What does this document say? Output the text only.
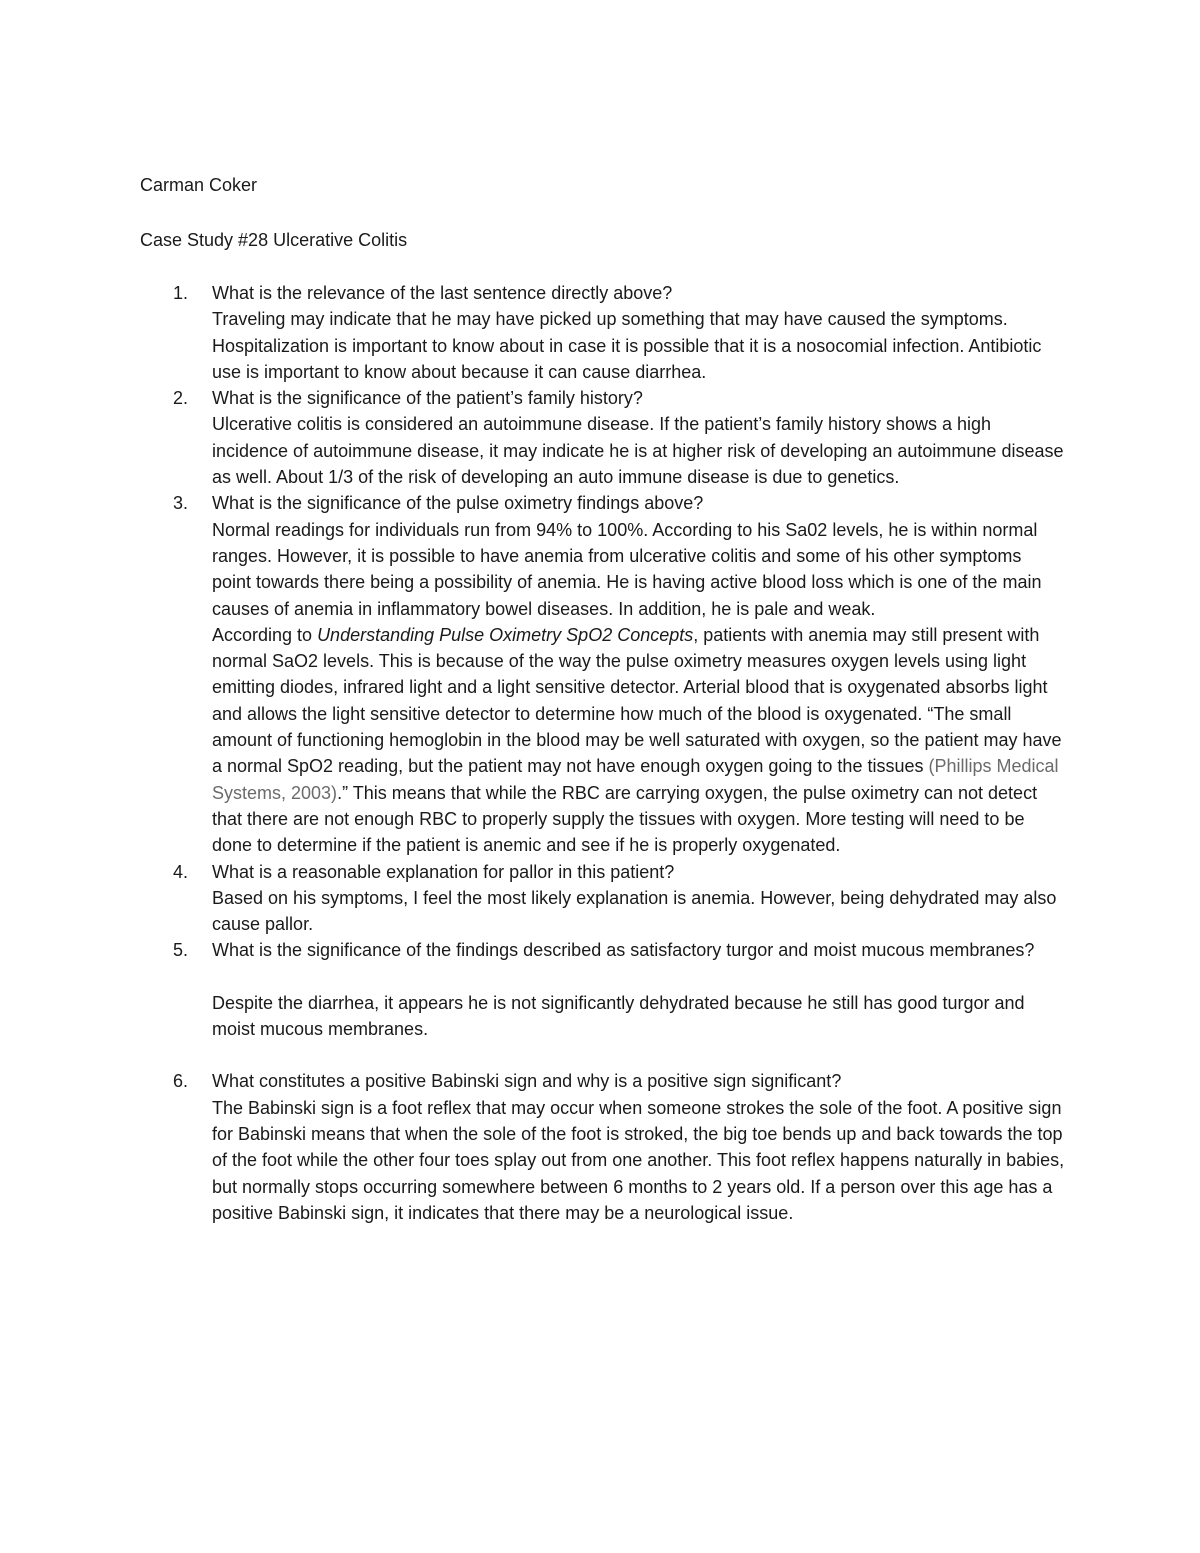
Carman Coker

Case Study #28 Ulcerative Colitis

1. What is the relevance of the last sentence directly above?

Traveling may indicate that he may have picked up something that may have caused the symptoms. Hospitalization is important to know about in case it is possible that it is a nosocomial infection. Antibiotic use is important to know about because it can cause diarrhea.

2. What is the significance of the patient’s family history?

Ulcerative colitis is considered an autoimmune disease. If the patient’s family history shows a high incidence of autoimmune disease, it may indicate he is at higher risk of developing an autoimmune disease as well. About 1/3 of the risk of developing an auto immune disease is due to genetics.

3. What is the significance of the pulse oximetry findings above?

Normal readings for individuals run from 94% to 100%. According to his Sa02 levels, he is within normal ranges. However, it is possible to have anemia from ulcerative colitis and some of his other symptoms point towards there being a possibility of anemia. He is having active blood loss which is one of the main causes of anemia in inflammatory bowel diseases. In addition, he is pale and weak.

According to Understanding Pulse Oximetry SpO2 Concepts, patients with anemia may still present with normal SaO2 levels. This is because of the way the pulse oximetry measures oxygen levels using light emitting diodes, infrared light and a light sensitive detector. Arterial blood that is oxygenated absorbs light and allows the light sensitive detector to determine how much of the blood is oxygenated. “The small amount of functioning hemoglobin in the blood may be well saturated with oxygen, so the patient may have a normal SpO2 reading, but the patient may not have enough oxygen going to the tissues (Phillips Medical Systems, 2003).” This means that while the RBC are carrying oxygen, the pulse oximetry can not detect that there are not enough RBC to properly supply the tissues with oxygen. More testing will need to be done to determine if the patient is anemic and see if he is properly oxygenated.

4. What is a reasonable explanation for pallor in this patient?

Based on his symptoms, I feel the most likely explanation is anemia. However, being dehydrated may also cause pallor.

5. What is the significance of the findings described as satisfactory turgor and moist mucous membranes?

Despite the diarrhea, it appears he is not significantly dehydrated because he still has good turgor and moist mucous membranes.

6. What constitutes a positive Babinski sign and why is a positive sign significant?

The Babinski sign is a foot reflex that may occur when someone strokes the sole of the foot. A positive sign for Babinski means that when the sole of the foot is stroked, the big toe bends up and back towards the top of the foot while the other four toes splay out from one another. This foot reflex happens naturally in babies, but normally stops occurring somewhere between 6 months to 2 years old. If a person over this age has a positive Babinski sign, it indicates that there may be a neurological issue.
